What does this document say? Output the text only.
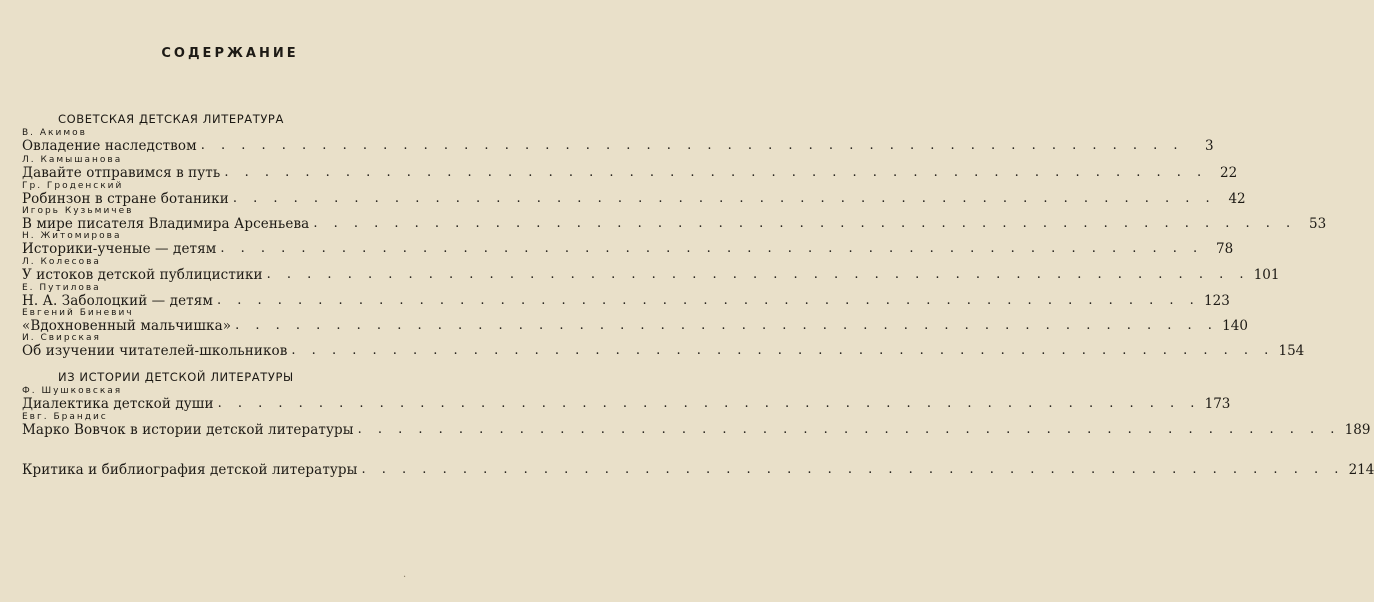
СОДЕРЖАНИЕ
СОВЕТСКАЯ ДЕТСКАЯ ЛИТЕРАТУРА
ИЗ ИСТОРИИ ДЕТСКОЙ ЛИТЕРАТУРЫ
В. Акимов
Овладение наследством . . . . . . . . . . . . . . . . . . . . . . . . . . . . . . . . . . . . . . . . . . . . . . . . .	3
Л. Камышанова
Давайте отправимся в путь . . . . . . . . . . . . . . . . . . . . . . . . . . . . . . . . . . . . . . . . . . . . . . . . . 22
Гр. Гроденский
Робинзон в стране ботаники . . . . . . . . . . . . . . . . . . . . . . . . . . . . . . . . . . . . . . . . . . . . . . . . . 42
Игорь Кузьмичев
В мире писателя Владимира Арсеньева . . . . . . . . . . . . . . . . . . . . . . . . . . . . . . . . . . . . . . . . . . . . . . . . . 53
Н. Житомирова
Историки-ученые — детям . . . . . . . . . . . . . . . . . . . . . . . . . . . . . . . . . . . . . . . . . . . . . . . . . 78
Л. Колесова
У истоков детской публицистики . . . . . . . . . . . . . . . . . . . . . . . . . . . . . . . . . . . . . . . . . . . . . . . . . 101
Е. Путилова
Н. А. Заболоцкий — детям . . . . . . . . . . . . . . . . . . . . . . . . . . . . . . . . . . . . . . . . . . . . . . . . . 123
Евгений Биневич
«Вдохновенный мальчишка» . . . . . . . . . . . . . . . . . . . . . . . . . . . . . . . . . . . . . . . . . . . . . . . . . 140
И. Свирская
Об изучении читателей-школьников . . . . . . . . . . . . . . . . . . . . . . . . . . . . . . . . . . . . . . . . . . . . . . . . . 154
Ф. Шушковская
Диалектика детской души . . . . . . . . . . . . . . . . . . . . . . . . . . . . . . . . . . . . . . . . . . . . . . . . . 173
Евг. Брандис
Марко Вовчок в истории детской литературы . . . . . . . . . . . . . . . . . . . . . . . . . . . . . . . . . . . . . . . . . . . . . . . . . 189
Критика и библиография детской литературы . . . . . . . . . . . . . . . . . . . . . . . . . . . . . . . . . . . . . . . . . . . . . . . . . 214
·
